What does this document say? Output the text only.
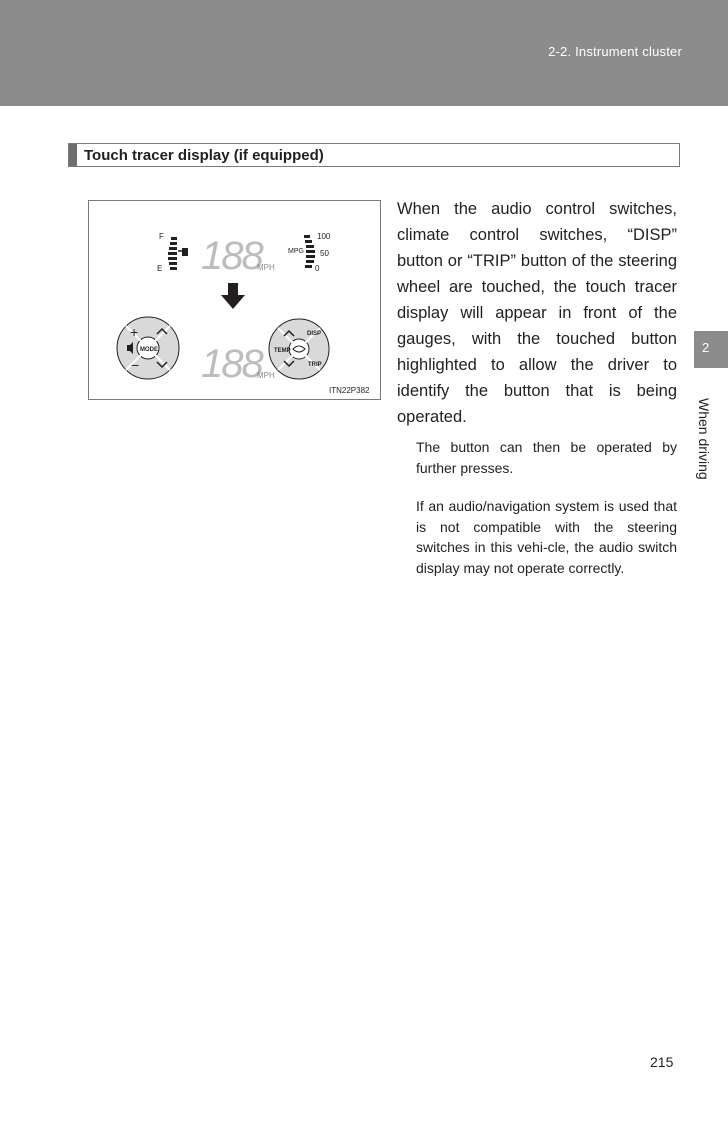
2-2. Instrument cluster
Touch tracer display (if equipped)
F
E 188
MPH
MPG
100
50
0
MODE
+
− 188
MPH
DISP
TEMP
TRIP
ITN22P382
When the audio control switches, climate control switches, “DISP” button or “TRIP” button of the steering wheel are touched, the touch tracer display will appear in front of the gauges, with the touched button highlighted to allow the driver to identify the button that is being operated.
The button can then be operated by further presses.
If an audio/navigation system is used that is not compatible with the steering switches in this vehi-cle, the audio switch display may not operate correctly.
2
When driving
215
